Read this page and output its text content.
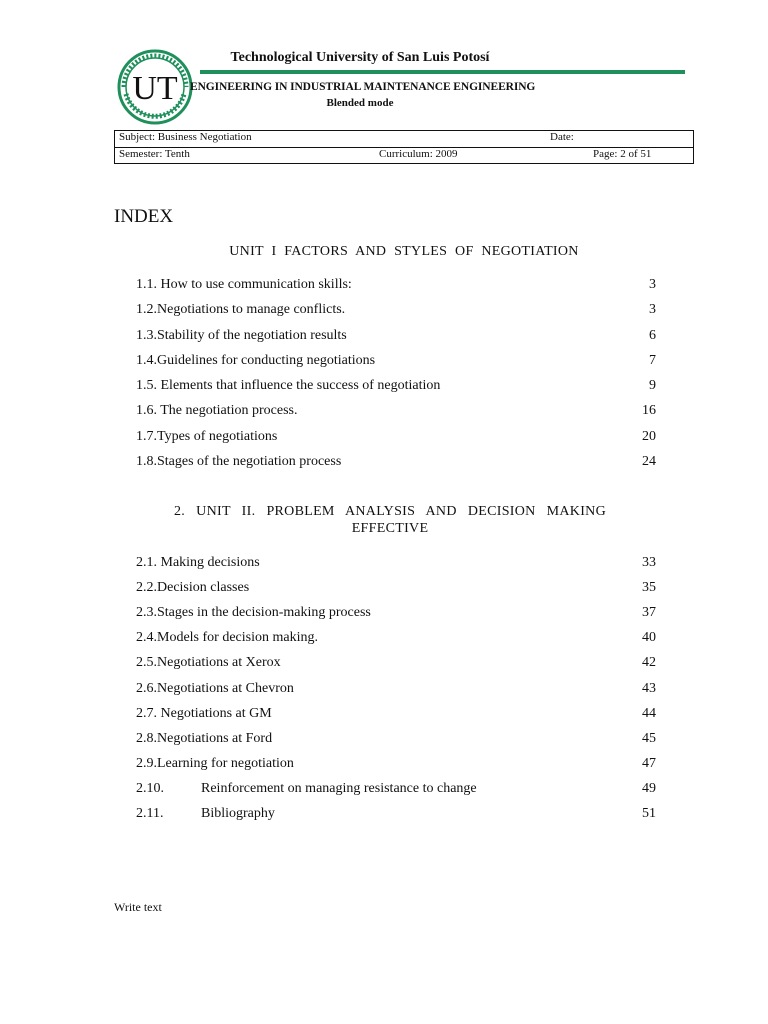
UT
Technological University of San Luis Potosí
ENGINEERING IN INDUSTRIAL MAINTENANCE ENGINEERING
Blended mode
Subject: Business Negotiation	Date:
Semester: Tenth	Curriculum: 2009	Page: 2 of 51
INDEX
UNIT I FACTORS AND STYLES OF NEGOTIATION
1.1. How to use communication skills:	3
1.2.Negotiations to manage conflicts.	3
1.3.Stability of the negotiation results	6
1.4.Guidelines for conducting negotiations	7
1.5. Elements that influence the success of negotiation	9
1.6. The negotiation process.	16
1.7.Types of negotiations	20
1.8.Stages of the negotiation process	24
2. UNIT II. PROBLEM ANALYSIS AND DECISION MAKING
EFFECTIVE
2.1. Making decisions	33
2.2.Decision classes	35
2.3.Stages in the decision-making process	37
2.4.Models for decision making.	40
2.5.Negotiations at Xerox	42
2.6.Negotiations at Chevron	43
2.7. Negotiations at GM	44
2.8.Negotiations at Ford	45
2.9.Learning for negotiation	47
2.10.	Reinforcement on managing resistance to change	49
2.11.	Bibliography	51
Write text
